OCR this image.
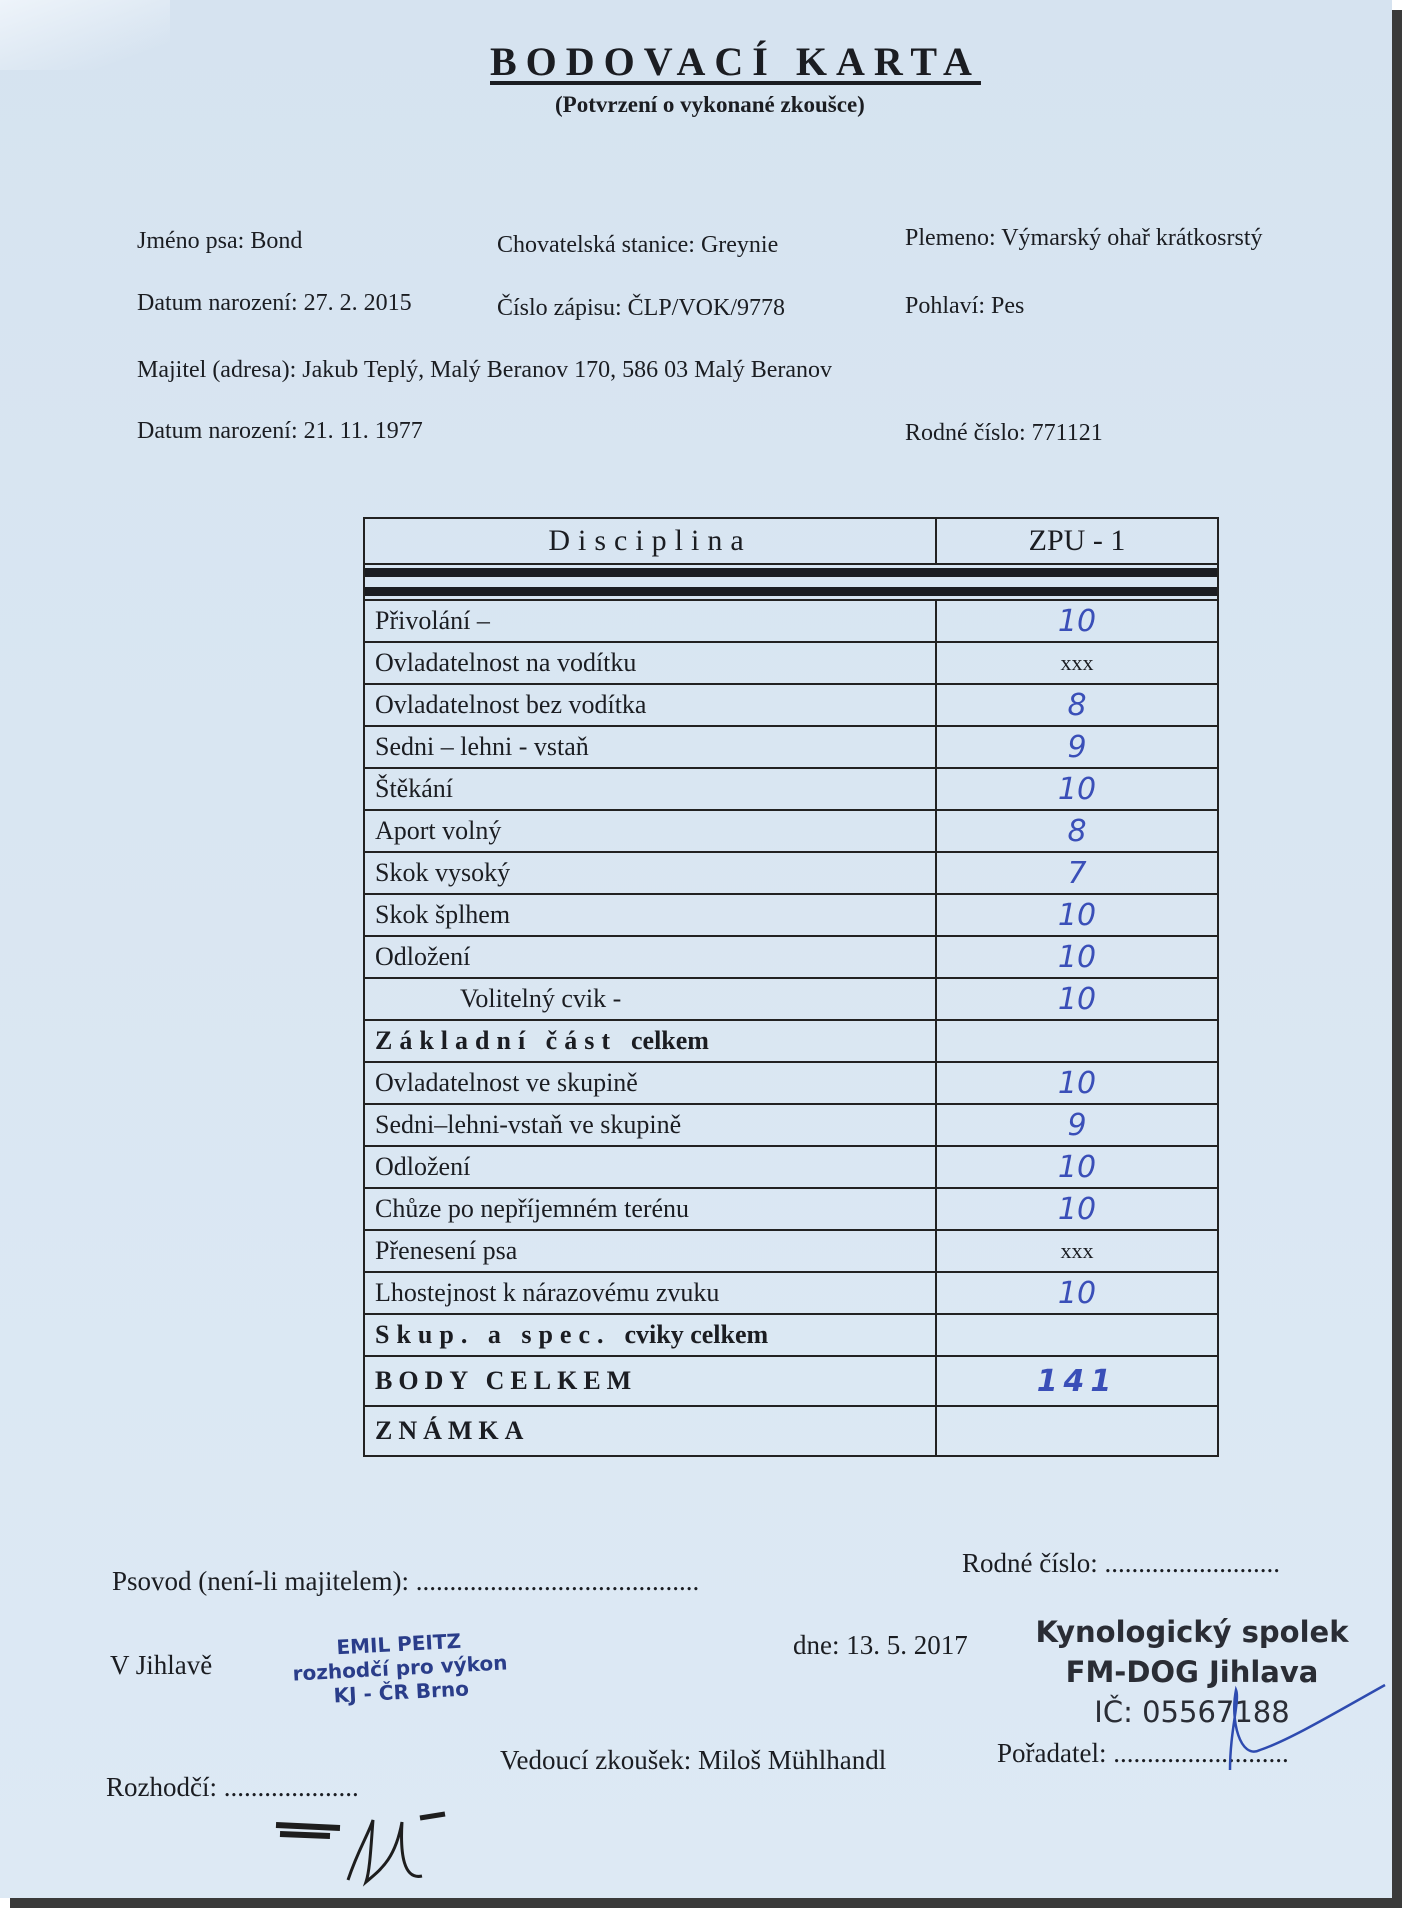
BODOVACÍ KARTA
(Potvrzení o vykonané zkoušce)
Jméno psa: Bond	Chovatelská stanice: Greynie	Plemeno: Výmarský ohař krátkosrstý
Datum narození: 27. 2. 2015	Číslo zápisu: ČLP/VOK/9778	Pohlaví: Pes
Majitel (adresa): Jakub Teplý, Malý Beranov 170, 586 03 Malý Beranov
Datum narození: 21. 11. 1977	Rodné číslo: 771121
Disciplina	ZPU - 1

Přivolání –	10
Ovladatelnost na vodítku	xxx
Ovladatelnost bez vodítka	8
Sedni – lehni - vstaň	9
Štěkání	10
Aport volný	8
Skok vysoký	7
Skok šplhem	10
Odložení	10
Volitelný cvik -	10
Základní část celkem	
Ovladatelnost ve skupině	10
Sedni–lehni-vstaň ve skupině	9
Odložení	10
Chůze po nepříjemném terénu	10
Přenesení psa	xxx
Lhostejnost k nárazovému zvuku	10
Skup. a spec. cviky celkem	
BODY CELKEM	141
ZNÁMKA	
Psovod (není-li majitelem): ..........................................
Rodné číslo: ..........................
V Jihlavě
EMIL PEITZ
rozhodčí pro výkon
KJ - ČR Brno
dne: 13. 5. 2017	Kynologický spolek
FM-DOG Jihlava
IČ: 05567188
Rozhodčí: ....................
Vedoucí zkoušek: Miloš Mühlhandl	Pořadatel: ..........................
